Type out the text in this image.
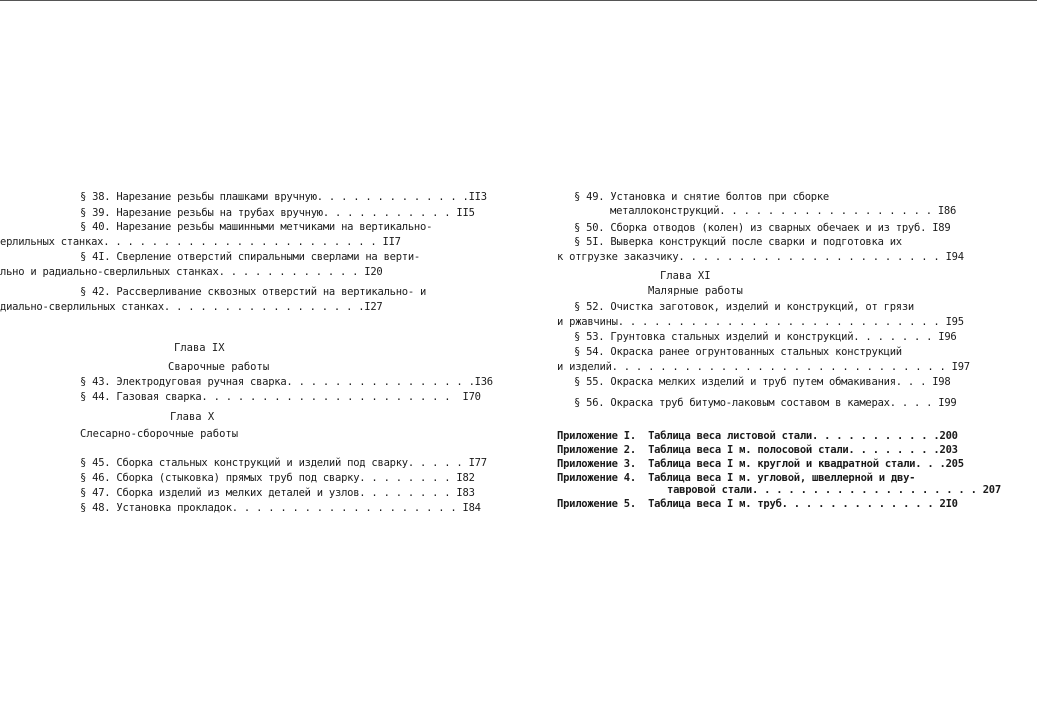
§ 38. Нарезание резьбы плашками вручную. . . . . . . . . . . . .ІІ3
§ 39. Нарезание резьбы на трубах вручную. . . . . . . . . . . ІІ5
§ 40. Нарезание резьбы машинными метчиками на вертикально-
ерлильных станках. . . . . . . . . . . . . . . . . . . . . . . ІІ7
§ 4І. Сверление отверстий спиральными сверлами на верти-
льно и радиально-сверлильных станках. . . . . . . . . . . . І20
§ 42. Рассверливание сквозных отверстий на вертикально- и
диально-сверлильных станках. . . . . . . . . . . . . . . . .І27
Глава IX
Сварочные работы
§ 43. Электродуговая ручная сварка. . . . . . . . . . . . . . . .І36
§ 44. Газовая сварка. . . . . . . . . . . . . . . . . . . . .  І70
Глава X
Слесарно-сборочные работы
§ 45. Сборка стальных конструкций и изделий под сварку. . . . . І77
§ 46. Сборка (стыковка) прямых труб под сварку. . . . . . . . І82
§ 47. Сборка изделий из мелких деталей и узлов. . . . . . . . І83
§ 48. Установка прокладок. . . . . . . . . . . . . . . . . . . І84
§ 49. Установка и снятие болтов при сборке
металлоконструкций. . . . . . . . . . . . . . . . . . І86
§ 50. Сборка отводов (колен) из сварных обечаек и из труб. І89
§ 5І. Выверка конструкций после сварки и подготовка их
к отгрузке заказчику. . . . . . . . . . . . . . . . . . . . . . І94
Глава XI
Малярные работы
§ 52. Очистка заготовок, изделий и конструкций, от грязи
и ржавчины. . . . . . . . . . . . . . . . . . . . . . . . . . . І95
§ 53. Грунтовка стальных изделий и конструкций. . . . . . . І96
§ 54. Окраска ранее огрунтованных стальных конструкций
и изделий. . . . . . . . . . . . . . . . . . . . . . . . . . . . І97
§ 55. Окраска мелких изделий и труб путем обмакивания. . . І98
§ 56. Окраска труб битумо-лаковым составом в камерах. . . . І99
Приложение І.  Таблица веса листовой стали. . . . . . . . . . .200
Приложение 2.  Таблица веса І м. полосовой стали. . . . . . . .203
Приложение 3.  Таблица веса І м. круглой и квадратной стали. . .205
Приложение 4.  Таблица веса І м. угловой, швеллерной и дву-
тавровой стали. . . . . . . . . . . . . . . . . . . 207
Приложение 5.  Таблица веса І м. труб. . . . . . . . . . . . . 2І0
